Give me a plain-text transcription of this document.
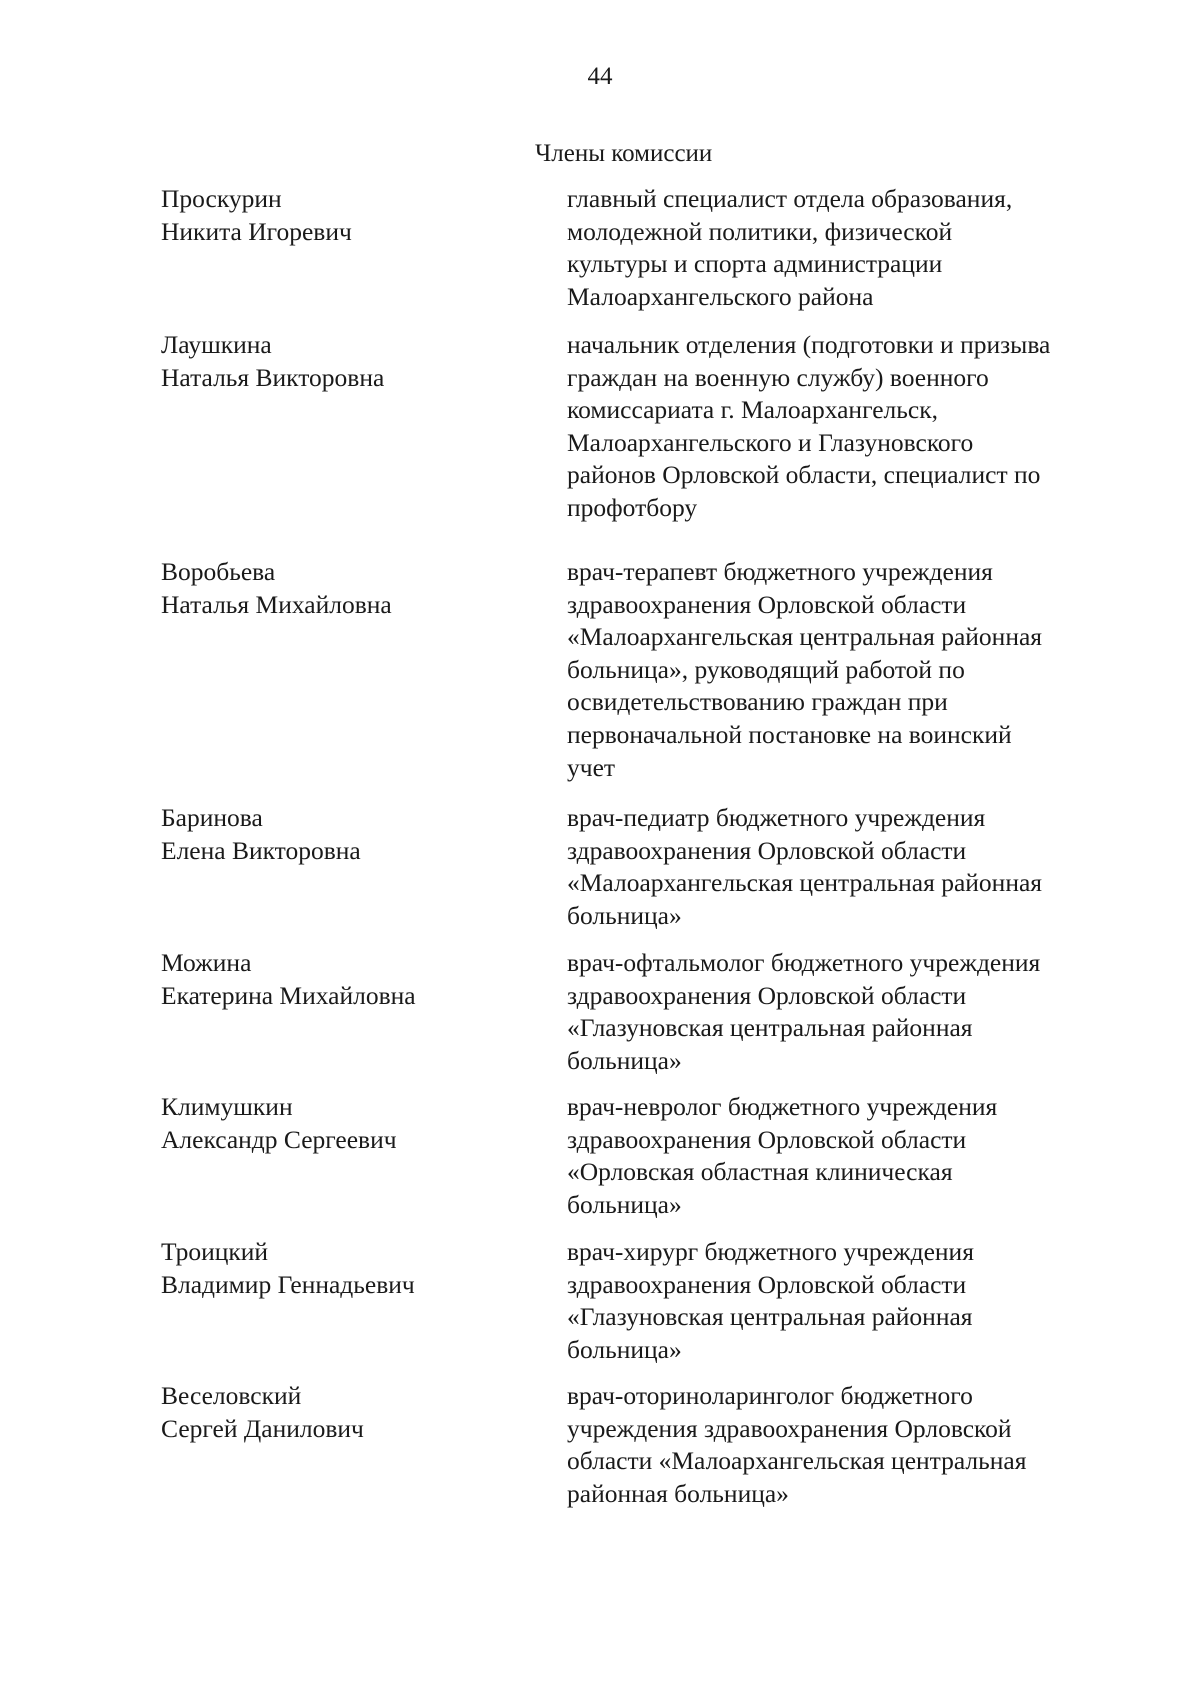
44
Члены комиссии
Проскурин
Никита Игоревич
главный специалист отдела образования,
молодежной политики, физической
культуры и спорта администрации
Малоархангельского района
Лаушкина
Наталья Викторовна
начальник отделения (подготовки и призыва
граждан на военную службу) военного
комиссариата г. Малоархангельск,
Малоархангельского и Глазуновского
районов Орловской области, специалист по
профотбору
Воробьева
Наталья Михайловна
врач-терапевт бюджетного учреждения
здравоохранения Орловской области
«Малоархангельская центральная районная
больница», руководящий работой по
освидетельствованию граждан при
первоначальной постановке на воинский
учет
Баринова
Елена Викторовна
врач-педиатр бюджетного учреждения
здравоохранения Орловской области
«Малоархангельская центральная районная
больница»
Можина
Екатерина Михайловна
врач-офтальмолог бюджетного учреждения
здравоохранения Орловской области
«Глазуновская центральная районная
больница»
Климушкин
Александр Сергеевич
врач-невролог бюджетного учреждения
здравоохранения Орловской области
«Орловская областная клиническая
больница»
Троицкий
Владимир Геннадьевич
врач-хирург бюджетного учреждения
здравоохранения Орловской области
«Глазуновская центральная районная
больница»
Веселовский
Сергей Данилович
врач-оториноларинголог бюджетного
учреждения здравоохранения Орловской
области «Малоархангельская центральная
районная больница»
